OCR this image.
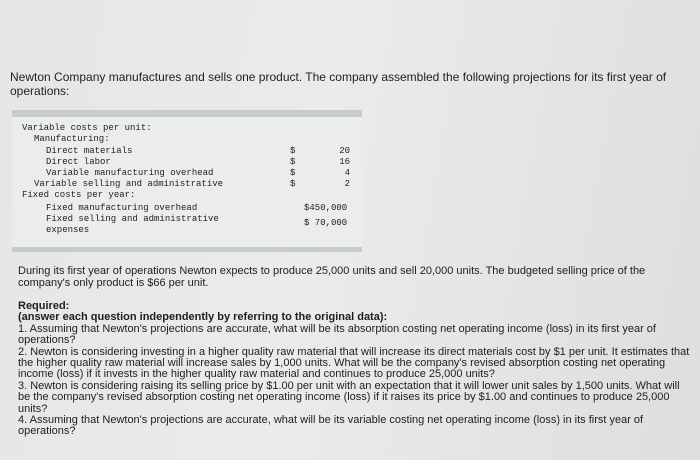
Newton Company manufactures and sells one product. The company assembled the following projections for its first year of operations:

Variable costs per unit:
Manufacturing:
Direct materials	$	20
Direct labor	$	16
Variable manufacturing overhead	$	4
Variable selling and administrative	$	2
Fixed costs per year:
Fixed manufacturing overhead	$450,000
Fixed selling and administrative	$ 70,000
expenses

During its first year of operations Newton expects to produce 25,000 units and sell 20,000 units. The budgeted selling price of the company's only product is $66 per unit.

Required:
(answer each question independently by referring to the original data):
1. Assuming that Newton's projections are accurate, what will be its absorption costing net operating income (loss) in its first year of operations?
2. Newton is considering investing in a higher quality raw material that will increase its direct materials cost by $1 per unit. It estimates that the higher quality raw material will increase sales by 1,000 units. What will be the company's revised absorption costing net operating income (loss) if it invests in the higher quality raw material and continues to produce 25,000 units?
3. Newton is considering raising its selling price by $1.00 per unit with an expectation that it will lower unit sales by 1,500 units. What will be the company's revised absorption costing net operating income (loss) if it raises its price by $1.00 and continues to produce 25,000 units?
4. Assuming that Newton's projections are accurate, what will be its variable costing net operating income (loss) in its first year of operations?
